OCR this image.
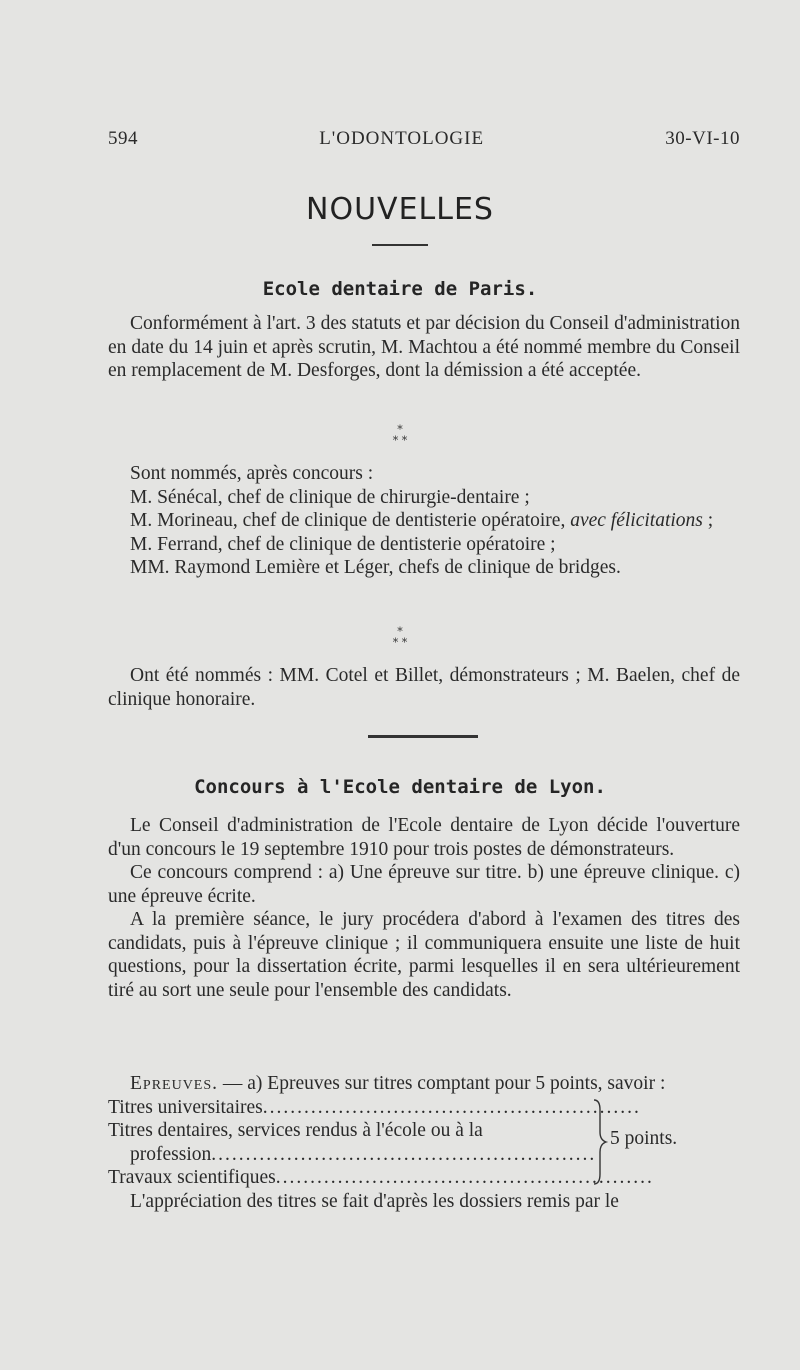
594	L'ODONTOLOGIE	30-VI-10
NOUVELLES
Ecole dentaire de Paris.

Conformément à l'art. 3 des statuts et par décision du Conseil d'administration en date du 14 juin et après scrutin, M. Machtou a été nommé membre du Conseil en remplacement de M. Desforges, dont la démission a été acceptée.

*
* *

Sont nommés, après concours :

M. Sénécal, chef de clinique de chirurgie-dentaire ;

M. Morineau, chef de clinique de dentisterie opératoire, avec félicitations ;

M. Ferrand, chef de clinique de dentisterie opératoire ;

MM. Raymond Lemière et Léger, chefs de clinique de bridges.

*
* *

Ont été nommés : MM. Cotel et Billet, démonstrateurs ; M. Baelen, chef de clinique honoraire.

Concours à l'Ecole dentaire de Lyon.

Le Conseil d'administration de l'Ecole dentaire de Lyon décide l'ouverture d'un concours le 19 septembre 1910 pour trois postes de démonstrateurs.

Ce concours comprend : a) Une épreuve sur titre. b) une épreuve clinique. c) une épreuve écrite.

A la première séance, le jury procédera d'abord à l'examen des titres des candidats, puis à l'épreuve clinique ; il communiquera ensuite une liste de huit questions, pour la dissertation écrite, parmi lesquelles il en sera ultérieurement tiré au sort une seule pour l'ensemble des candidats.

Epreuves. — a) Epreuves sur titres comptant pour 5 points, savoir :

Titres universitaires .......................................................
Titres dentaires, services rendus à l'école ou à la
profession ........................................................
Travaux scientifiques .......................................................

L'appréciation des titres se fait d'après les dossiers remis par le

5 points.
